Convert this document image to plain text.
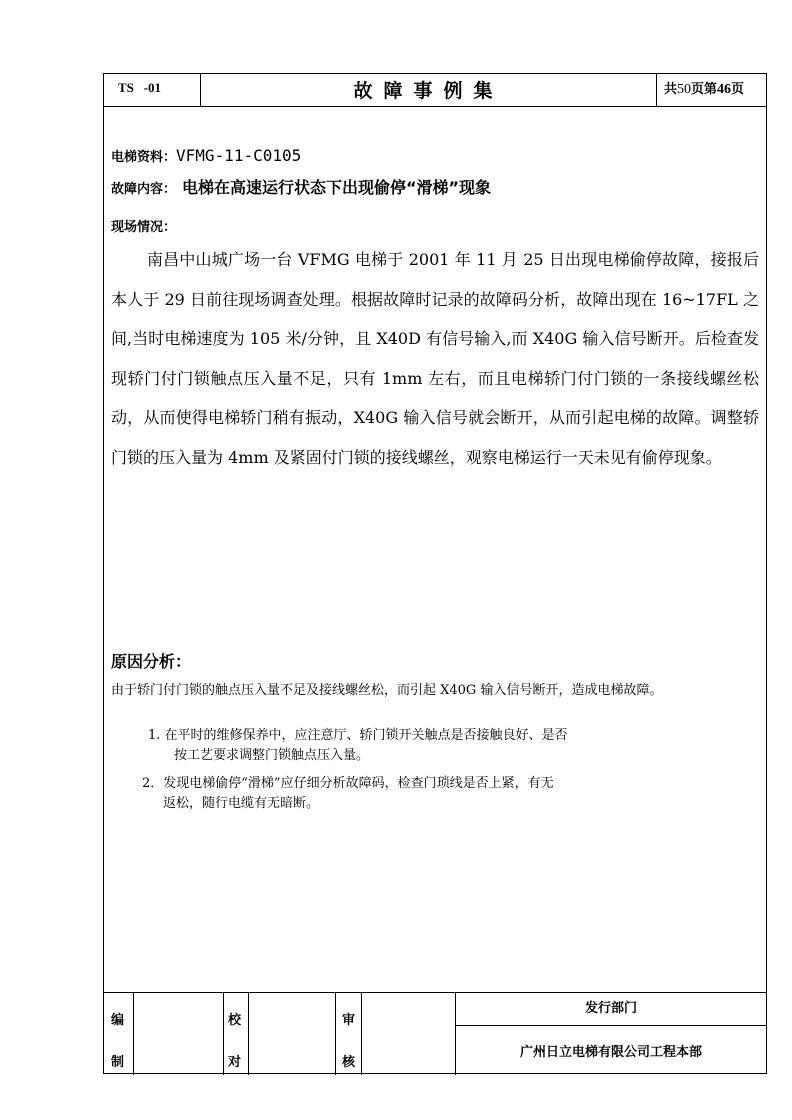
TS   -01	故障事例集	共50页第46页
电梯资料：VFMG-11-C0105
故障内容： 电梯在高速运行状态下出现偷停“滑梯”现象
现场情况：
南昌中山城广场一台 VFMG 电梯于 2001 年 11 月 25 日出现电梯偷停故障，接报后本人于 29 日前往现场调查处理。根据故障时记录的故障码分析，故障出现在 16~17FL 之间,当时电梯速度为 105 米/分钟，且 X40D 有信号输入,而 X40G 输入信号断开。后检查发现轿门付门锁触点压入量不足，只有 1mm 左右，而且电梯轿门付门锁的一条接线螺丝松动，从而使得电梯轿门稍有振动，X40G 输入信号就会断开，从而引起电梯的故障。调整轿门锁的压入量为 4mm 及紧固付门锁的接线螺丝，观察电梯运行一天未见有偷停现象。
原因分析：
由于轿门付门锁的触点压入量不足及接线螺丝松，而引起 X40G 输入信号断开，造成电梯故障。
1. 在平时的维修保养中，应注意厅、轿门锁开关触点是否接触良好、是否
按工艺要求调整门锁触点压入量。
2．发现电梯偷停“滑梯”应仔细分析故障码，检查门琐线是否上紧，有无
返松，随行电缆有无暗断。
编
制
校
对
审
核
发行部门
广州日立电梯有限公司工程本部
